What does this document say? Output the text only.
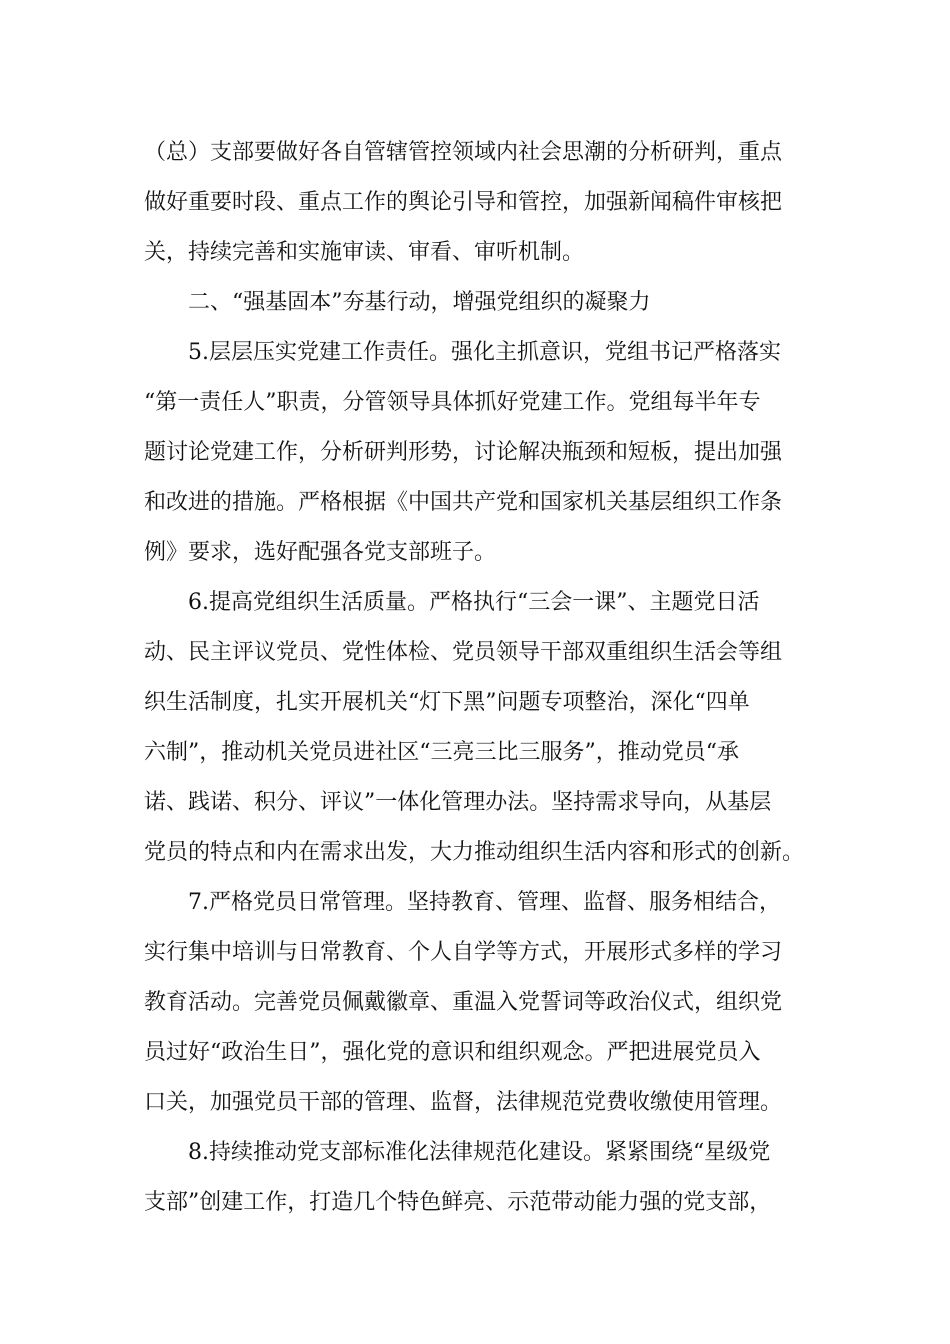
（总）支部要做好各自管辖管控领域内社会思潮的分析研判，重点
做好重要时段、重点工作的舆论引导和管控，加强新闻稿件审核把
关，持续完善和实施审读、审看、审听机制。

二、“强基固本”夯基行动，增强党组织的凝聚力

5.层层压实党建工作责任。强化主抓意识，党组书记严格落实
“第一责任人”职责，分管领导具体抓好党建工作。党组每半年专
题讨论党建工作，分析研判形势，讨论解决瓶颈和短板，提出加强
和改进的措施。严格根据《中国共产党和国家机关基层组织工作条
例》要求，选好配强各党支部班子。

6.提高党组织生活质量。严格执行“三会一课”、主题党日活
动、民主评议党员、党性体检、党员领导干部双重组织生活会等组
织生活制度，扎实开展机关“灯下黑”问题专项整治，深化“四单
六制”，推动机关党员进社区“三亮三比三服务”，推动党员“承
诺、践诺、积分、评议”一体化管理办法。坚持需求导向，从基层
党员的特点和内在需求出发，大力推动组织生活内容和形式的创新。

7.严格党员日常管理。坚持教育、管理、监督、服务相结合，
实行集中培训与日常教育、个人自学等方式，开展形式多样的学习
教育活动。完善党员佩戴徽章、重温入党誓词等政治仪式，组织党
员过好“政治生日”，强化党的意识和组织观念。严把进展党员入
口关，加强党员干部的管理、监督，法律规范党费收缴使用管理。

8.持续推动党支部标准化法律规范化建设。紧紧围绕“星级党
支部”创建工作，打造几个特色鲜亮、示范带动能力强的党支部，
